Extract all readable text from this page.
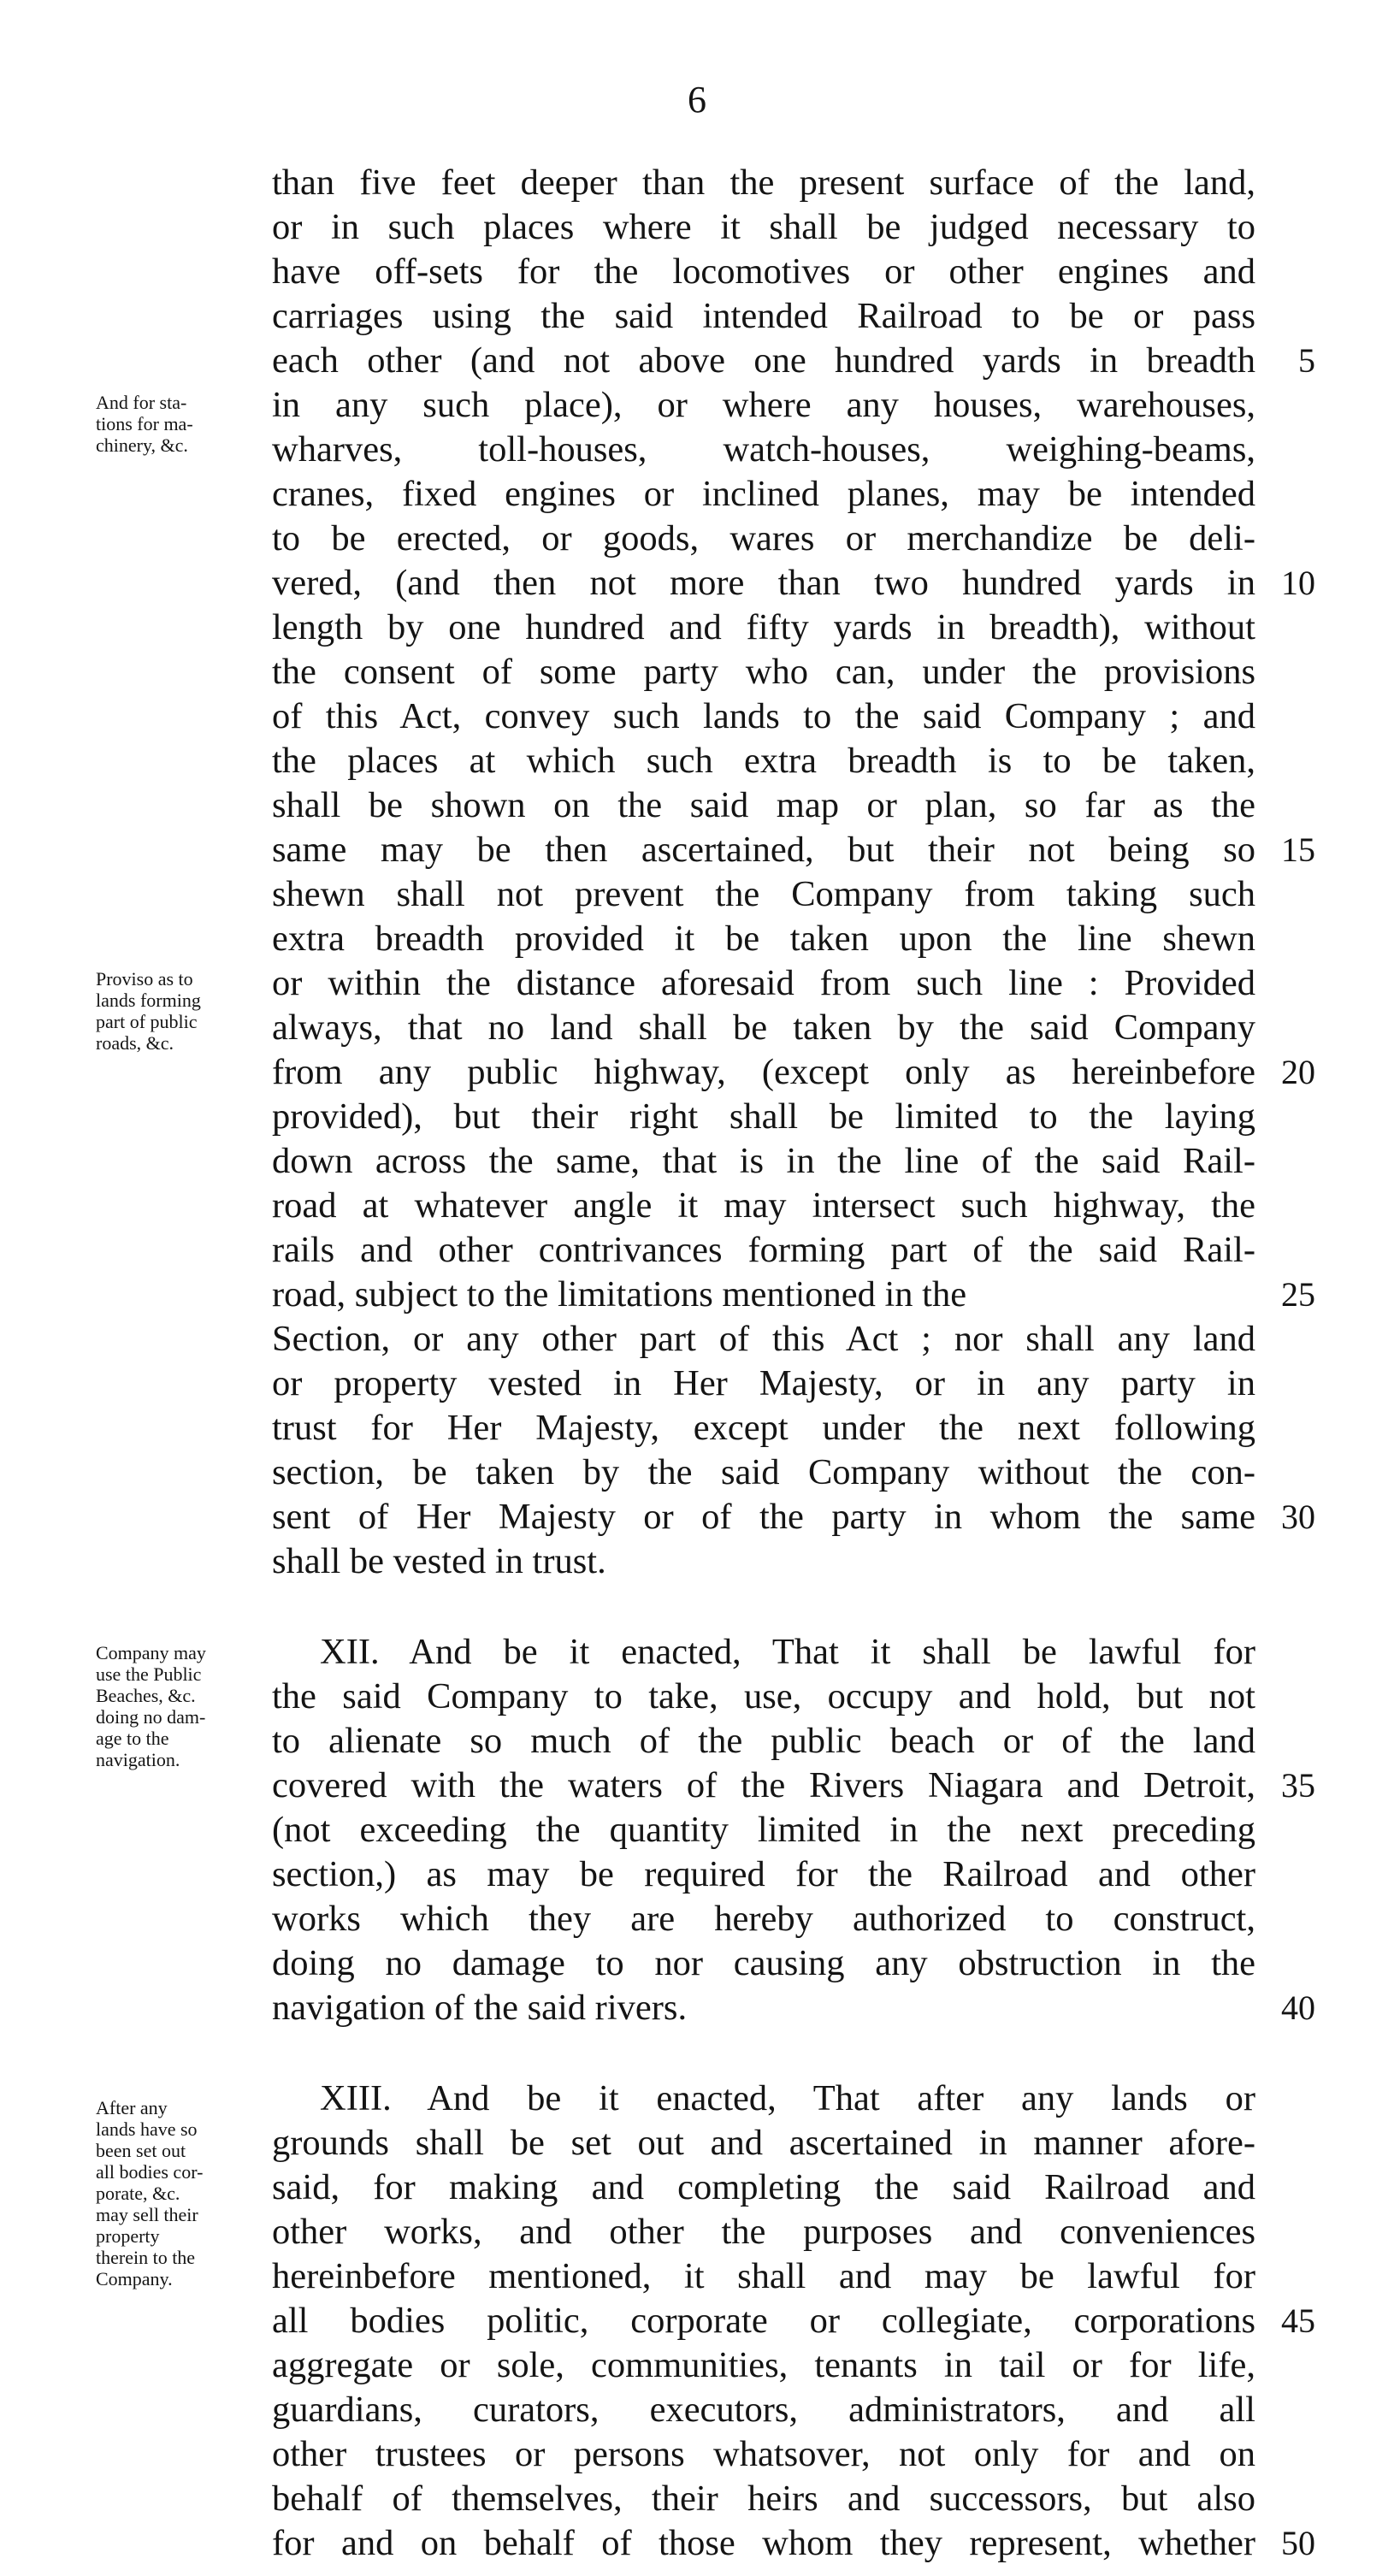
6
than five feet deeper than the present surface of the land,
or in such places where it shall be judged necessary to
have off-sets for the locomotives or other engines and
carriages using the said intended Railroad to be or pass
each other (and not above one hundred yards in breadth
in any such place), or where any houses, warehouses,
wharves, toll-houses, watch-houses, weighing-beams,
cranes, fixed engines or inclined planes, may be intended
to be erected, or goods, wares or merchandize be deli-
vered, (and then not more than two hundred yards in
length by one hundred and fifty yards in breadth), without
the consent of some party who can, under the provisions
of this Act, convey such lands to the said Company ; and
the places at which such extra breadth is to be taken,
shall be shown on the said map or plan, so far as the
same may be then ascertained, but their not being so
shewn shall not prevent the Company from taking such
extra breadth provided it be taken upon the line shewn
or within the distance aforesaid from such line : Provided
always, that no land shall be taken by the said Company
from any public highway, (except only as hereinbefore
provided), but their right shall be limited to the laying
down across the same, that is in the line of the said Rail-
road at whatever angle it may intersect such highway, the
rails and other contrivances forming part of the said Rail-
road, subject to the limitations mentioned in the
Section, or any other part of this Act ; nor shall any land
or property vested in Her Majesty, or in any party in
trust for Her Majesty, except under the next following
section, be taken by the said Company without the con-
sent of Her Majesty or of the party in whom the same
shall be vested in trust.
XII. And be it enacted, That it shall be lawful for
the said Company to take, use, occupy and hold, but not
to alienate so much of the public beach or of the land
covered with the waters of the Rivers Niagara and Detroit,
(not exceeding the quantity limited in the next preceding
section,) as may be required for the Railroad and other
works which they are hereby authorized to construct,
doing no damage to nor causing any obstruction in the
navigation of the said rivers.
XIII. And be it enacted, That after any lands or
grounds shall be set out and ascertained in manner afore-
said, for making and completing the said Railroad and
other works, and other the purposes and conveniences
hereinbefore mentioned, it shall and may be lawful for
all bodies politic, corporate or collegiate, corporations
aggregate or sole, communities, tenants in tail or for life,
guardians, curators, executors, administrators, and all
other trustees or persons whatsover, not only for and on
behalf of themselves, their heirs and successors, but also
for and on behalf of those whom they represent, whether
5
10
15
20
25
30
35
40
45
50
And for sta-
tions for ma-
chinery, &c.
Proviso as to
lands forming
part of public
roads, &c.
Company may
use the Public
Beaches, &c.
doing no dam-
age to the
navigation.
After any
lands have so
been set out
all bodies cor-
porate, &c.
may sell their
property
therein to the
Company.
